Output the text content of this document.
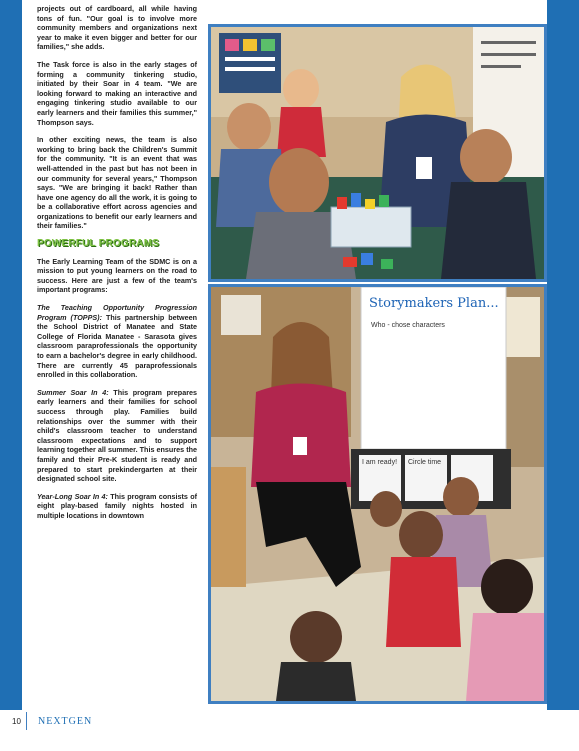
projects out of cardboard, all while having tons of fun. "Our goal is to involve more community members and organizations next year to make it even bigger and better for our families," she adds.

The Task force is also in the early stages of forming a community tinkering studio, initiated by their Soar in 4 team. "We are looking forward to making an interactive and engaging tinkering studio available to our early learners and their families this summer," Thompson says.

In other exciting news, the team is also working to bring back the Children's Summit for the community. "It is an event that was well-attended in the past but has not been in our community for several years," Thompson says. "We are bringing it back! Rather than have one agency do all the work, it is going to be a collaborative effort across agencies and organizations to benefit our early learners and their families."

POWERFUL PROGRAMS

The Early Learning Team of the SDMC is on a mission to put young learners on the road to success. Here are just a few of the team's important programs:

The Teaching Opportunity Progression Program (TOPPS): This partnership between the School District of Manatee and State College of Florida Manatee - Sarasota gives classroom paraprofessionals the opportunity to earn a bachelor's degree in early childhood. There are currently 45 paraprofessionals enrolled in this collaboration.

Summer Soar In 4: This program prepares early learners and their families for school success through play. Families build relationships over the summer with their child's classroom teacher to understand classroom expectations and to support learning together all summer. This ensures the family and their Pre-K student is ready and prepared to start prekindergarten at their designated school site.

Year-Long Soar In 4: This program consists of eight play-based family nights hosted in multiple locations in downtown

Storymakers Plan...
Who - chose characters
I am ready! Circle time
10 NEXTGEN
